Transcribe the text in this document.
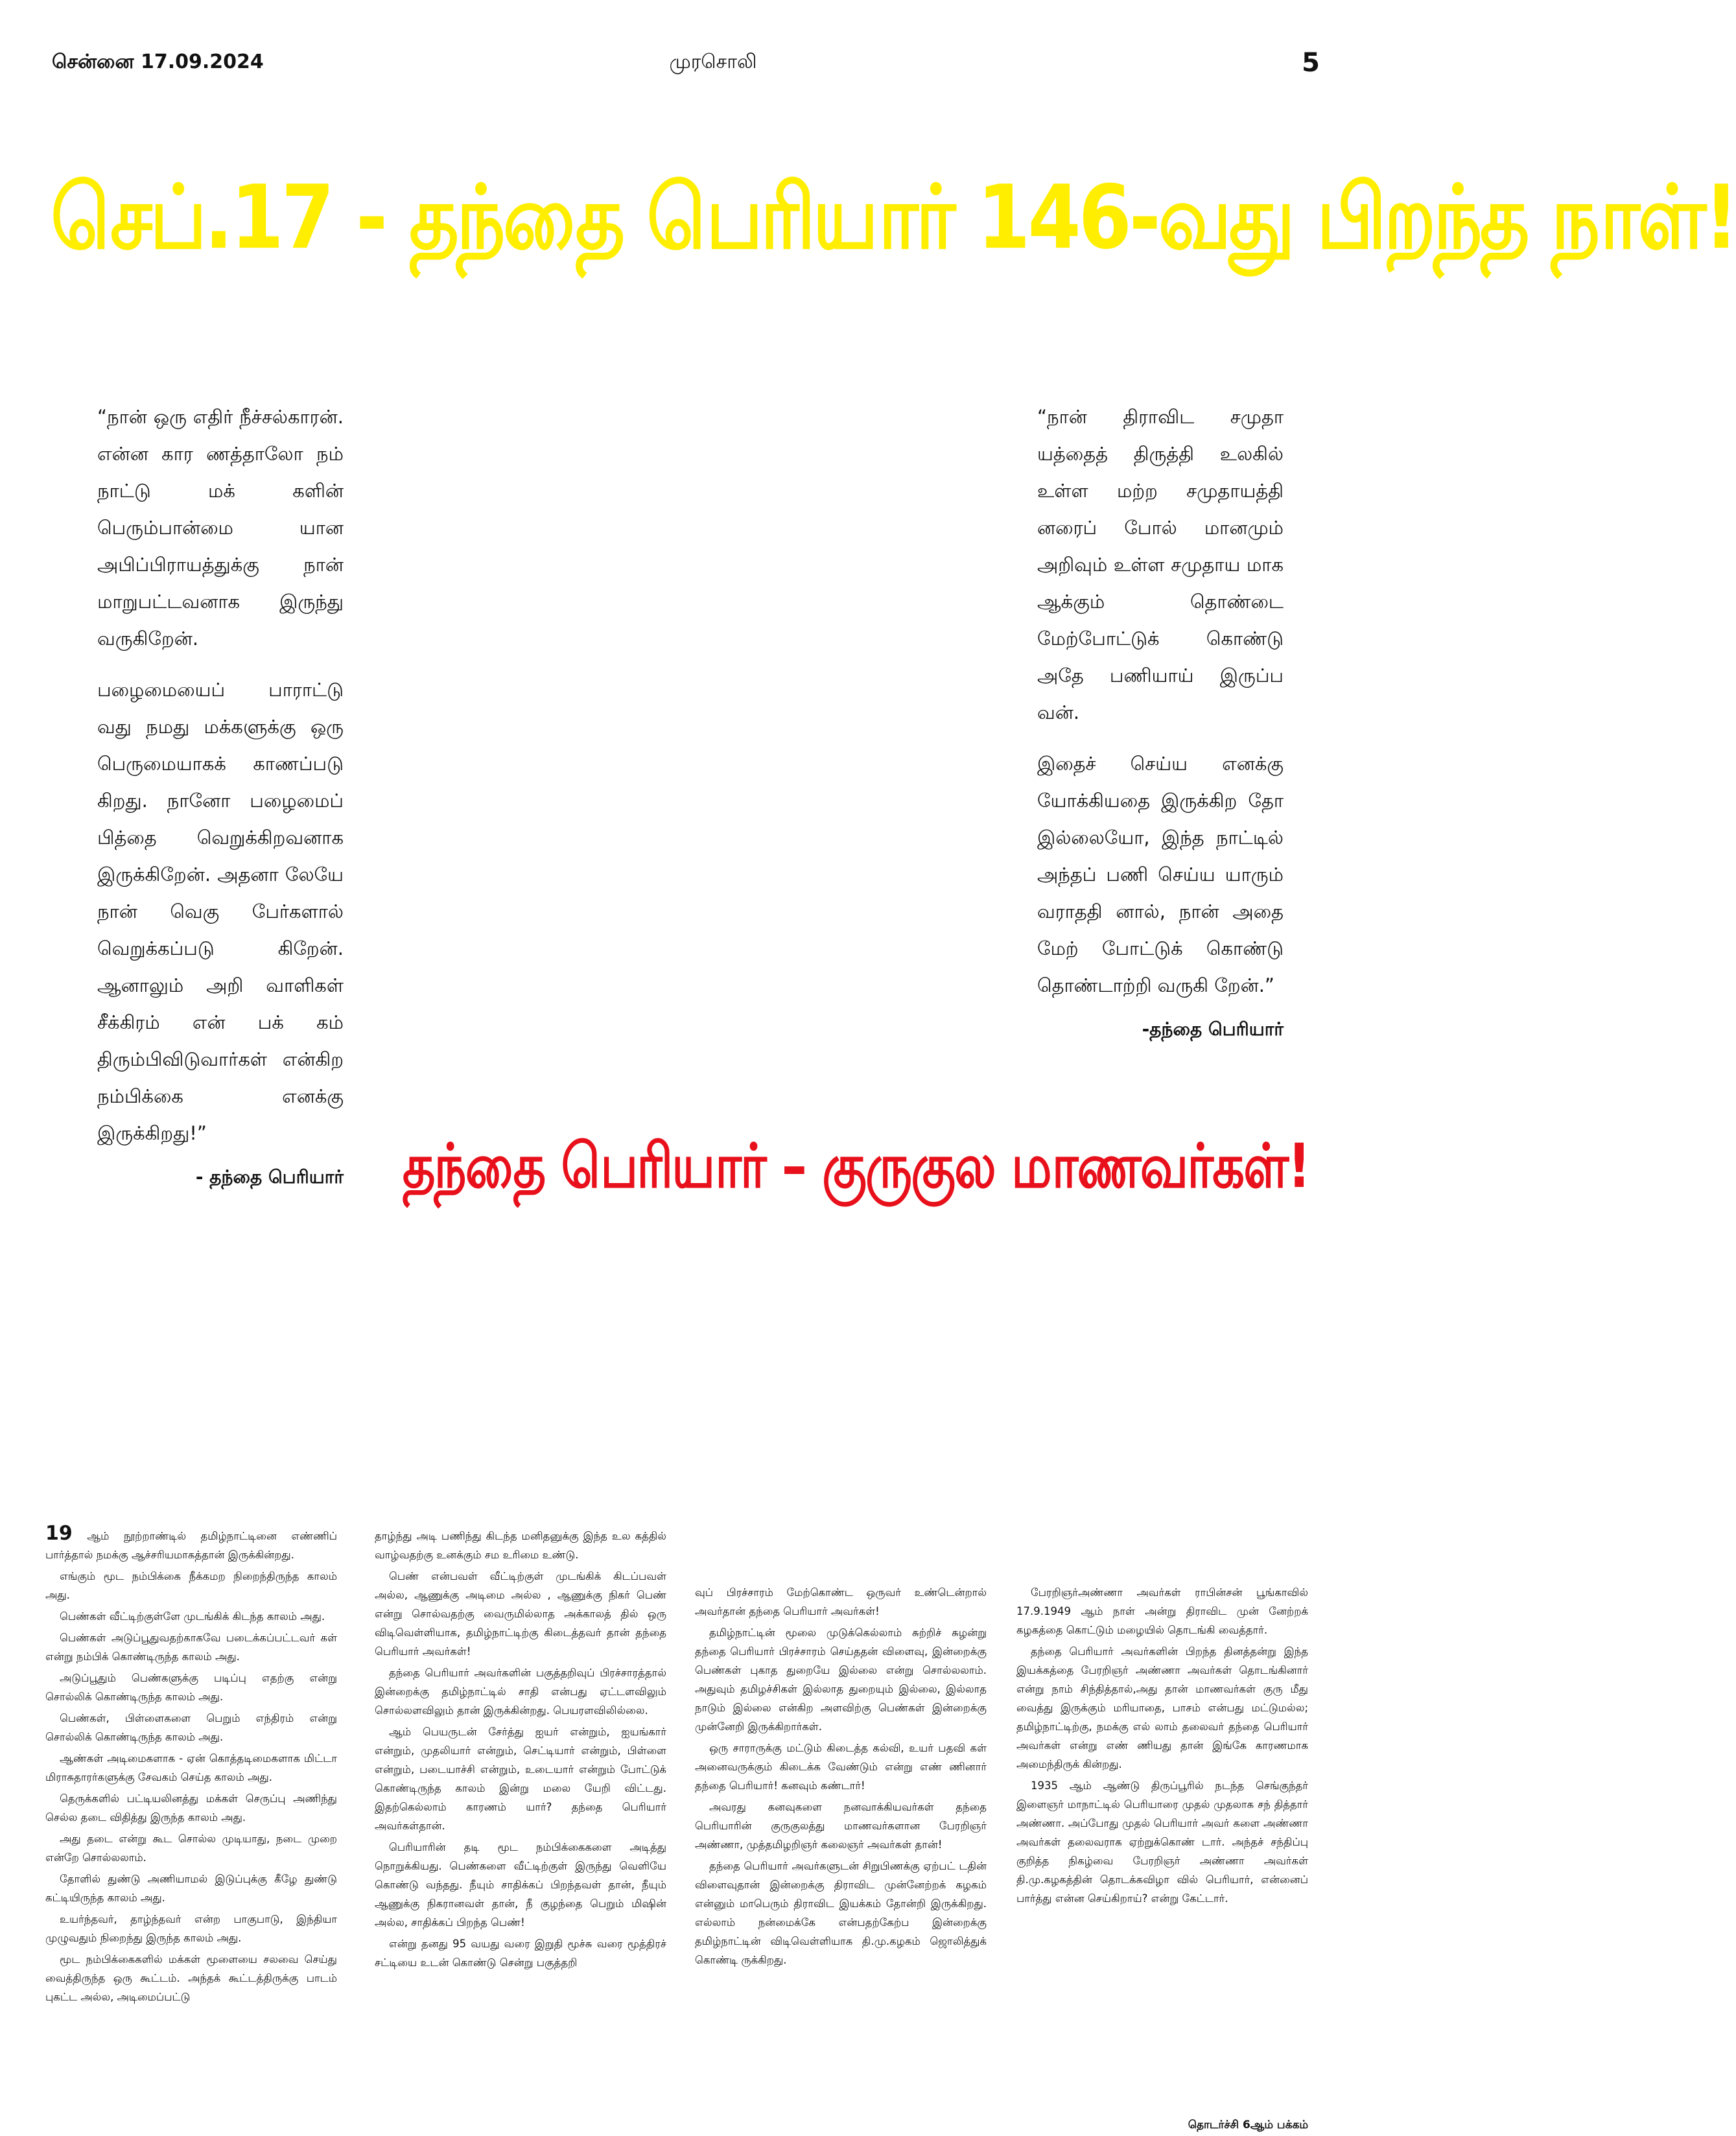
சென்னை 17.09.2024	முரசொலி	5
செப்.17 - தந்தை பெரியார் 146-வது பிறந்த நாள்!

“நான் ஒரு எதிர் நீச்சல்காரன். என்ன கார ணத்தாலோ நம் நாட்டு மக் களின் பெரும்பான்மை யான அபிப்பிராயத்துக்கு நான் மாறுபட்டவனாக இருந்து வருகிறேன்.

பழைமையைப் பாராட்டு வது நமது மக்களுக்கு ஒரு பெருமையாகக் காணப்படு கிறது. நானோ பழைமைப் பித்தை வெறுக்கிறவனாக இருக்கிறேன். அதனா லேயே நான் வெகு பேர்களால் வெறுக்கப்படு கிறேன். ஆனாலும் அறி வாளிகள் சீக்கிரம் என் பக் கம் திரும்பிவிடுவார்கள் என்கிற நம்பிக்கை எனக்கு இருக்கிறது!”

- தந்தை பெரியார்

“நான் திராவிட சமுதா யத்தைத் திருத்தி உலகில் உள்ள மற்ற சமுதாயத்தி னரைப் போல் மானமும் அறிவும் உள்ள சமுதாய மாக ஆக்கும் தொண்டை மேற்போட்டுக் கொண்டு அதே பணியாய் இருப்ப வன்.

இதைச் செய்ய எனக்கு யோக்கியதை இருக்கிற தோ இல்லையோ, இந்த நாட்டில் அந்தப் பணி செய்ய யாரும் வராததி னால், நான் அதை மேற் போட்டுக் கொண்டு தொண்டாற்றி வருகி றேன்.”

-தந்தை பெரியார்
தந்தை பெரியார் – குருகுல மாணவர்கள்!

19 ஆம் நூற்றாண்டில் தமிழ்நாட்டினை எண்ணிப் பார்த்தால் நமக்கு ஆச்சரியமாகத்தான் இருக்கின்றது.

எங்கும் மூட நம்பிக்கை நீக்கமற நிறைந்திருந்த காலம் அது.

பெண்கள் வீட்டிற்குள்ளே முடங்கிக் கிடந்த காலம் அது.

பெண்கள் அடுப்பூதுவதற்காகவே படைக்கப்பட்டவர் கள் என்று நம்பிக் கொண்டிருந்த காலம் அது.

அடுப்பூதும் பெண்களுக்கு படிப்பு எதற்கு என்று சொல்லிக் கொண்டிருந்த காலம் அது.

பெண்கள், பிள்ளைகளை பெறும் எந்திரம் என்று சொல்லிக் கொண்டிருந்த காலம் அது.

ஆண்கள் அடிமைகளாக - ஏன் கொத்தடிமைகளாக மிட்டா மிராசுதாரர்களுக்கு சேவகம் செய்த காலம் அது.

தெருக்களில் பட்டியலினத்து மக்கள் செருப்பு அணிந்து செல்ல தடை விதித்து இருந்த காலம் அது.

அது தடை என்று கூட சொல்ல முடியாது, நடை முறை என்றே சொல்லலாம்.

தோளில் துண்டு அணியாமல் இடுப்புக்கு கீழே துண்டு கட்டியிருந்த காலம் அது.

உயர்ந்தவர், தாழ்ந்தவர் என்ற பாகுபாடு, இந்தியா முழுவதும் நிறைந்து இருந்த காலம் அது.

மூட நம்பிக்கைகளில் மக்கள் மூளையை சலவை செய்து வைத்திருந்த ஒரு கூட்டம். அந்தக் கூட்டத்திருக்கு பாடம் புகட்ட அல்ல, அடிமைப்பட்டு

தாழ்ந்து அடி பணிந்து கிடந்த மனிதனுக்கு இந்த உல கத்தில் வாழ்வதற்கு உனக்கும் சம உரிமை உண்டு.

பெண் என்பவள் வீட்டிற்குள் முடங்கிக் கிடப்பவள் அல்ல, ஆணுக்கு அடிமை அல்ல , ஆணுக்கு நிகர் பெண் என்று சொல்வதற்கு வைருமில்லாத அக்காலத் தில் ஒரு விடிவெள்ளியாக, தமிழ்நாட்டிற்கு கிடைத்தவர் தான் தந்தை பெரியார் அவர்கள்!

தந்தை பெரியார் அவர்களின் பகுத்தறிவுப் பிரச்சாரத்தால் இன்றைக்கு தமிழ்நாட்டில் சாதி என்பது ஏட்டளவிலும் சொல்லளவிலும் தான் இருக்கின்றது. பெயரளவிலில்லை.

ஆம் பெயருடன் சேர்த்து ஐயர் என்றும், ஐயங்கார் என்றும், முதலியார் என்றும், செட்டியார் என்றும், பிள்ளை என்றும், படையாச்சி என்றும், உடையார் என்றும் போட்டுக் கொண்டிருந்த காலம் இன்று மலை யேறி விட்டது. இதற்கெல்லாம் காரணம் யார்? தந்தை பெரியார் அவர்கள்தான்.

பெரியாரின் தடி மூட நம்பிக்கைகளை அடித்து நொறுக்கியது. பெண்களை வீட்டிற்குள் இருந்து வெளியே கொண்டு வந்தது. நீயும் சாதிக்கப் பிறந்தவள் தான், நீயும் ஆணுக்கு நிகரானவள் தான், நீ குழந்தை பெறும் மிஷின் அல்ல, சாதிக்கப் பிறந்த பெண்!

என்று தனது 95 வயது வரை இறுதி மூச்சு வரை மூத்திரச் சட்டியை உடன் கொண்டு சென்று பகுத்தறி

வுப் பிரச்சாரம் மேற்கொண்ட ஒருவர் உண்டென்றால் அவர்தான் தந்தை பெரியார் அவர்கள்!

தமிழ்நாட்டின் மூலை முடுக்கெல்லாம் சுற்றிச் சுழன்று தந்தை பெரியார் பிரச்சாரம் செய்ததன் விளைவு, இன்றைக்கு பெண்கள் புகாத துறையே இல்லை என்று சொல்லலாம். அதுவும் தமிழச்சிகள் இல்லாத துறையும் இல்லை, இல்லாத நாடும் இல்லை என்கிற அளவிற்கு பெண்கள் இன்றைக்கு முன்னேறி இருக்கிறார்கள்.

ஒரு சாராருக்கு மட்டும் கிடைத்த கல்வி, உயர் பதவி கள் அனைவருக்கும் கிடைக்க வேண்டும் என்று எண் ணினார் தந்தை பெரியார்! கனவும் கண்டார்!

அவரது கனவுகளை நனவாக்கியவர்கள் தந்தை பெரியாரின் குருகுலத்து மாணவர்களான பேரறிஞர் அண்ணா, முத்தமிழறிஞர் கலைஞர் அவர்கள் தான்!

தந்தை பெரியார் அவர்களுடன் சிறுபிணக்கு ஏற்பட் டதின் விளைவுதான் இன்றைக்கு திராவிட முன்னேற்றக் கழகம் என்னும் மாபெரும் திராவிட இயக்கம் தோன்றி இருக்கிறது. எல்லாம் நன்மைக்கே என்பதற்கேற்ப இன்றைக்கு தமிழ்நாட்டின் விடிவெள்ளியாக தி.மு.கழகம் ஜொலித்துக் கொண்டி ருக்கிறது.

பேரறிஞர்அண்ணா அவர்கள் ராபின்சன் பூங்காவில் 17.9.1949 ஆம் நாள் அன்று திராவிட முன் னேற்றக் கழகத்தை கொட்டும் மழையில் தொடங்கி வைத்தார்.

தந்தை பெரியார் அவர்களின் பிறந்த தினத்தன்று இந்த இயக்கத்தை பேரறிஞர் அண்ணா அவர்கள் தொடங்கினார் என்று நாம் சிந்தித்தால்,அது தான் மாணவர்கள் குரு மீது வைத்து இருக்கும் மரியாதை, பாசம் என்பது மட்டுமல்ல; தமிழ்நாட்டிற்கு, நமக்கு எல் லாம் தலைவர் தந்தை பெரியார் அவர்கள் என்று எண் ணியது தான் இங்கே காரணமாக அமைந்திருக் கின்றது.

1935 ஆம் ஆண்டு திருப்பூரில் நடந்த செங்குந்தர் இளைஞர் மாநாட்டில் பெரியாரை முதல் முதலாக சந் தித்தார் அண்ணா. அப்போது முதல் பெரியார் அவர் களை அண்ணா அவர்கள் தலைவராக ஏற்றுக்கொண் டார். அந்தச் சந்திப்பு குறித்த நிகழ்வை பேரறிஞர் அண்ணா அவர்கள் தி.மு.கழகத்தின் தொடக்கவிழா வில் பெரியார், என்னைப் பார்த்து என்ன செய்கிறாய்? என்று கேட்டார்.

தொடர்ச்சி 6ஆம் பக்கம்
